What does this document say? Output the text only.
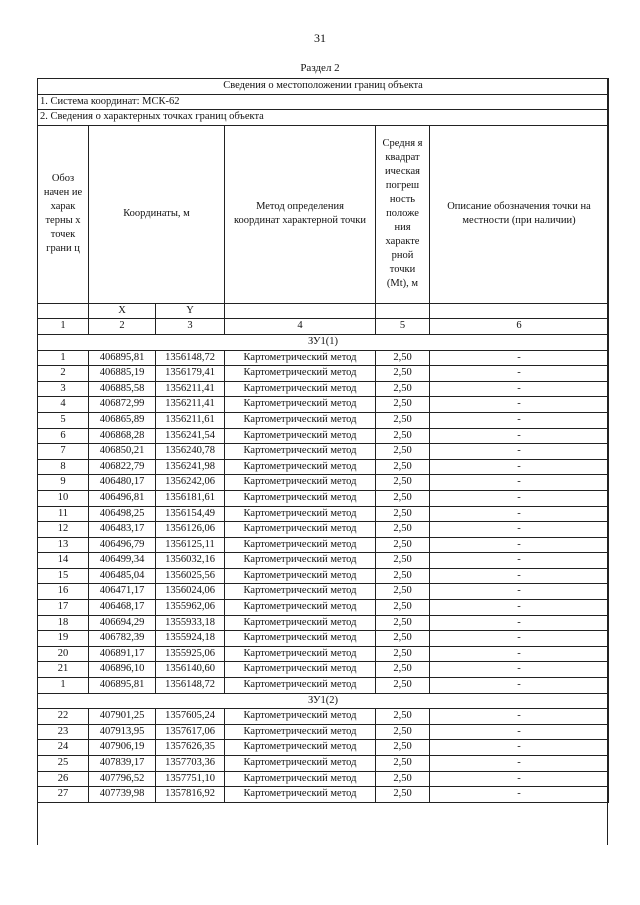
31
Раздел 2
Сведения о местоположении границ объекта					
1. Система координат: МСК-62					
2. Сведения о характерных точках границ объекта					
Обоз начен ие харак терны х точек грани ц	Координаты, м		Метод определения координат характерной точки	Средня я квадрат ическая погреш ность положе ния характе рной точки (Mt), м	Описание обозначения точки на местности (при наличии)
	X	Y			
1	2	3	4	5	6
ЗУ1(1)					
1	406895,81	1356148,72	Картометрический метод	2,50	-
2	406885,19	1356179,41	Картометрический метод	2,50	-
3	406885,58	1356211,41	Картометрический метод	2,50	-
4	406872,99	1356211,41	Картометрический метод	2,50	-
5	406865,89	1356211,61	Картометрический метод	2,50	-
6	406868,28	1356241,54	Картометрический метод	2,50	-
7	406850,21	1356240,78	Картометрический метод	2,50	-
8	406822,79	1356241,98	Картометрический метод	2,50	-
9	406480,17	1356242,06	Картометрический метод	2,50	-
10	406496,81	1356181,61	Картометрический метод	2,50	-
11	406498,25	1356154,49	Картометрический метод	2,50	-
12	406483,17	1356126,06	Картометрический метод	2,50	-
13	406496,79	1356125,11	Картометрический метод	2,50	-
14	406499,34	1356032,16	Картометрический метод	2,50	-
15	406485,04	1356025,56	Картометрический метод	2,50	-
16	406471,17	1356024,06	Картометрический метод	2,50	-
17	406468,17	1355962,06	Картометрический метод	2,50	-
18	406694,29	1355933,18	Картометрический метод	2,50	-
19	406782,39	1355924,18	Картометрический метод	2,50	-
20	406891,17	1355925,06	Картометрический метод	2,50	-
21	406896,10	1356140,60	Картометрический метод	2,50	-
1	406895,81	1356148,72	Картометрический метод	2,50	-
ЗУ1(2)					
22	407901,25	1357605,24	Картометрический метод	2,50	-
23	407913,95	1357617,06	Картометрический метод	2,50	-
24	407906,19	1357626,35	Картометрический метод	2,50	-
25	407839,17	1357703,36	Картометрический метод	2,50	-
26	407796,52	1357751,10	Картометрический метод	2,50	-
27	407739,98	1357816,92	Картометрический метод	2,50	-
